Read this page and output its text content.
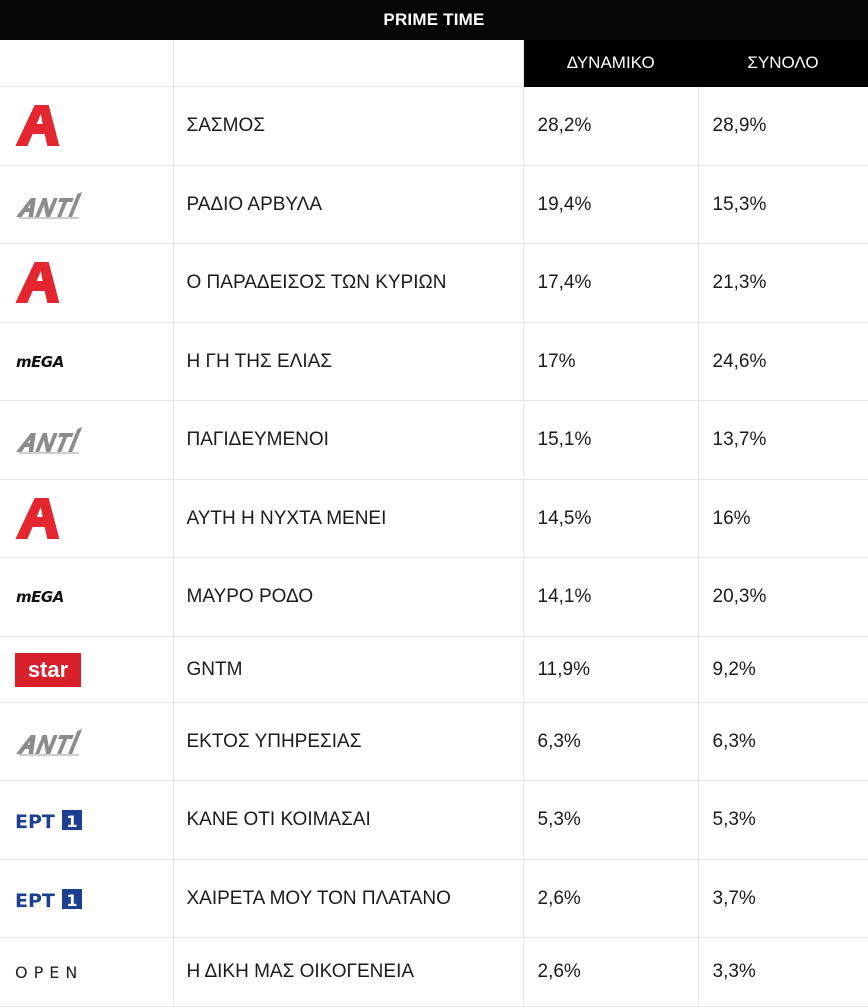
PRIME TIME
		ΔΥΝΑΜΙΚΟ	ΣΥΝΟΛΟ

	ΣΑΣΜΟΣ	28,2%	28,9%

	ΡΑΔΙΟ ΑΡΒΥΛΑ	19,4%	15,3%

	Ο ΠΑΡΑΔΕΙΣΟΣ ΤΩΝ ΚΥΡΙΩΝ	17,4%	21,3%

mEGA	Η ΓΗ ΤΗΣ ΕΛΙΑΣ	17%	24,6%

	ΠΑΓΙΔΕΥΜΕΝΟΙ	15,1%	13,7%

	ΑΥΤΗ Η ΝΥΧΤΑ ΜΕΝΕΙ	14,5%	16%

mEGA	ΜΑΥΡΟ ΡΟΔΟ	14,1%	20,3%

star	GNTM	11,9%	9,2%

	ΕΚΤΟΣ ΥΠΗΡΕΣΙΑΣ	6,3%	6,3%

ΕΡΤ 1	ΚΑΝΕ ΟΤΙ ΚΟΙΜΑΣΑΙ	5,3%	5,3%

ΕΡΤ 1	ΧΑΙΡΕΤΑ ΜΟΥ ΤΟΝ ΠΛΑΤΑΝΟ	2,6%	3,7%

OPEN	Η ΔΙΚΗ ΜΑΣ ΟΙΚΟΓΕΝΕΙΑ	2,6%	3,3%
